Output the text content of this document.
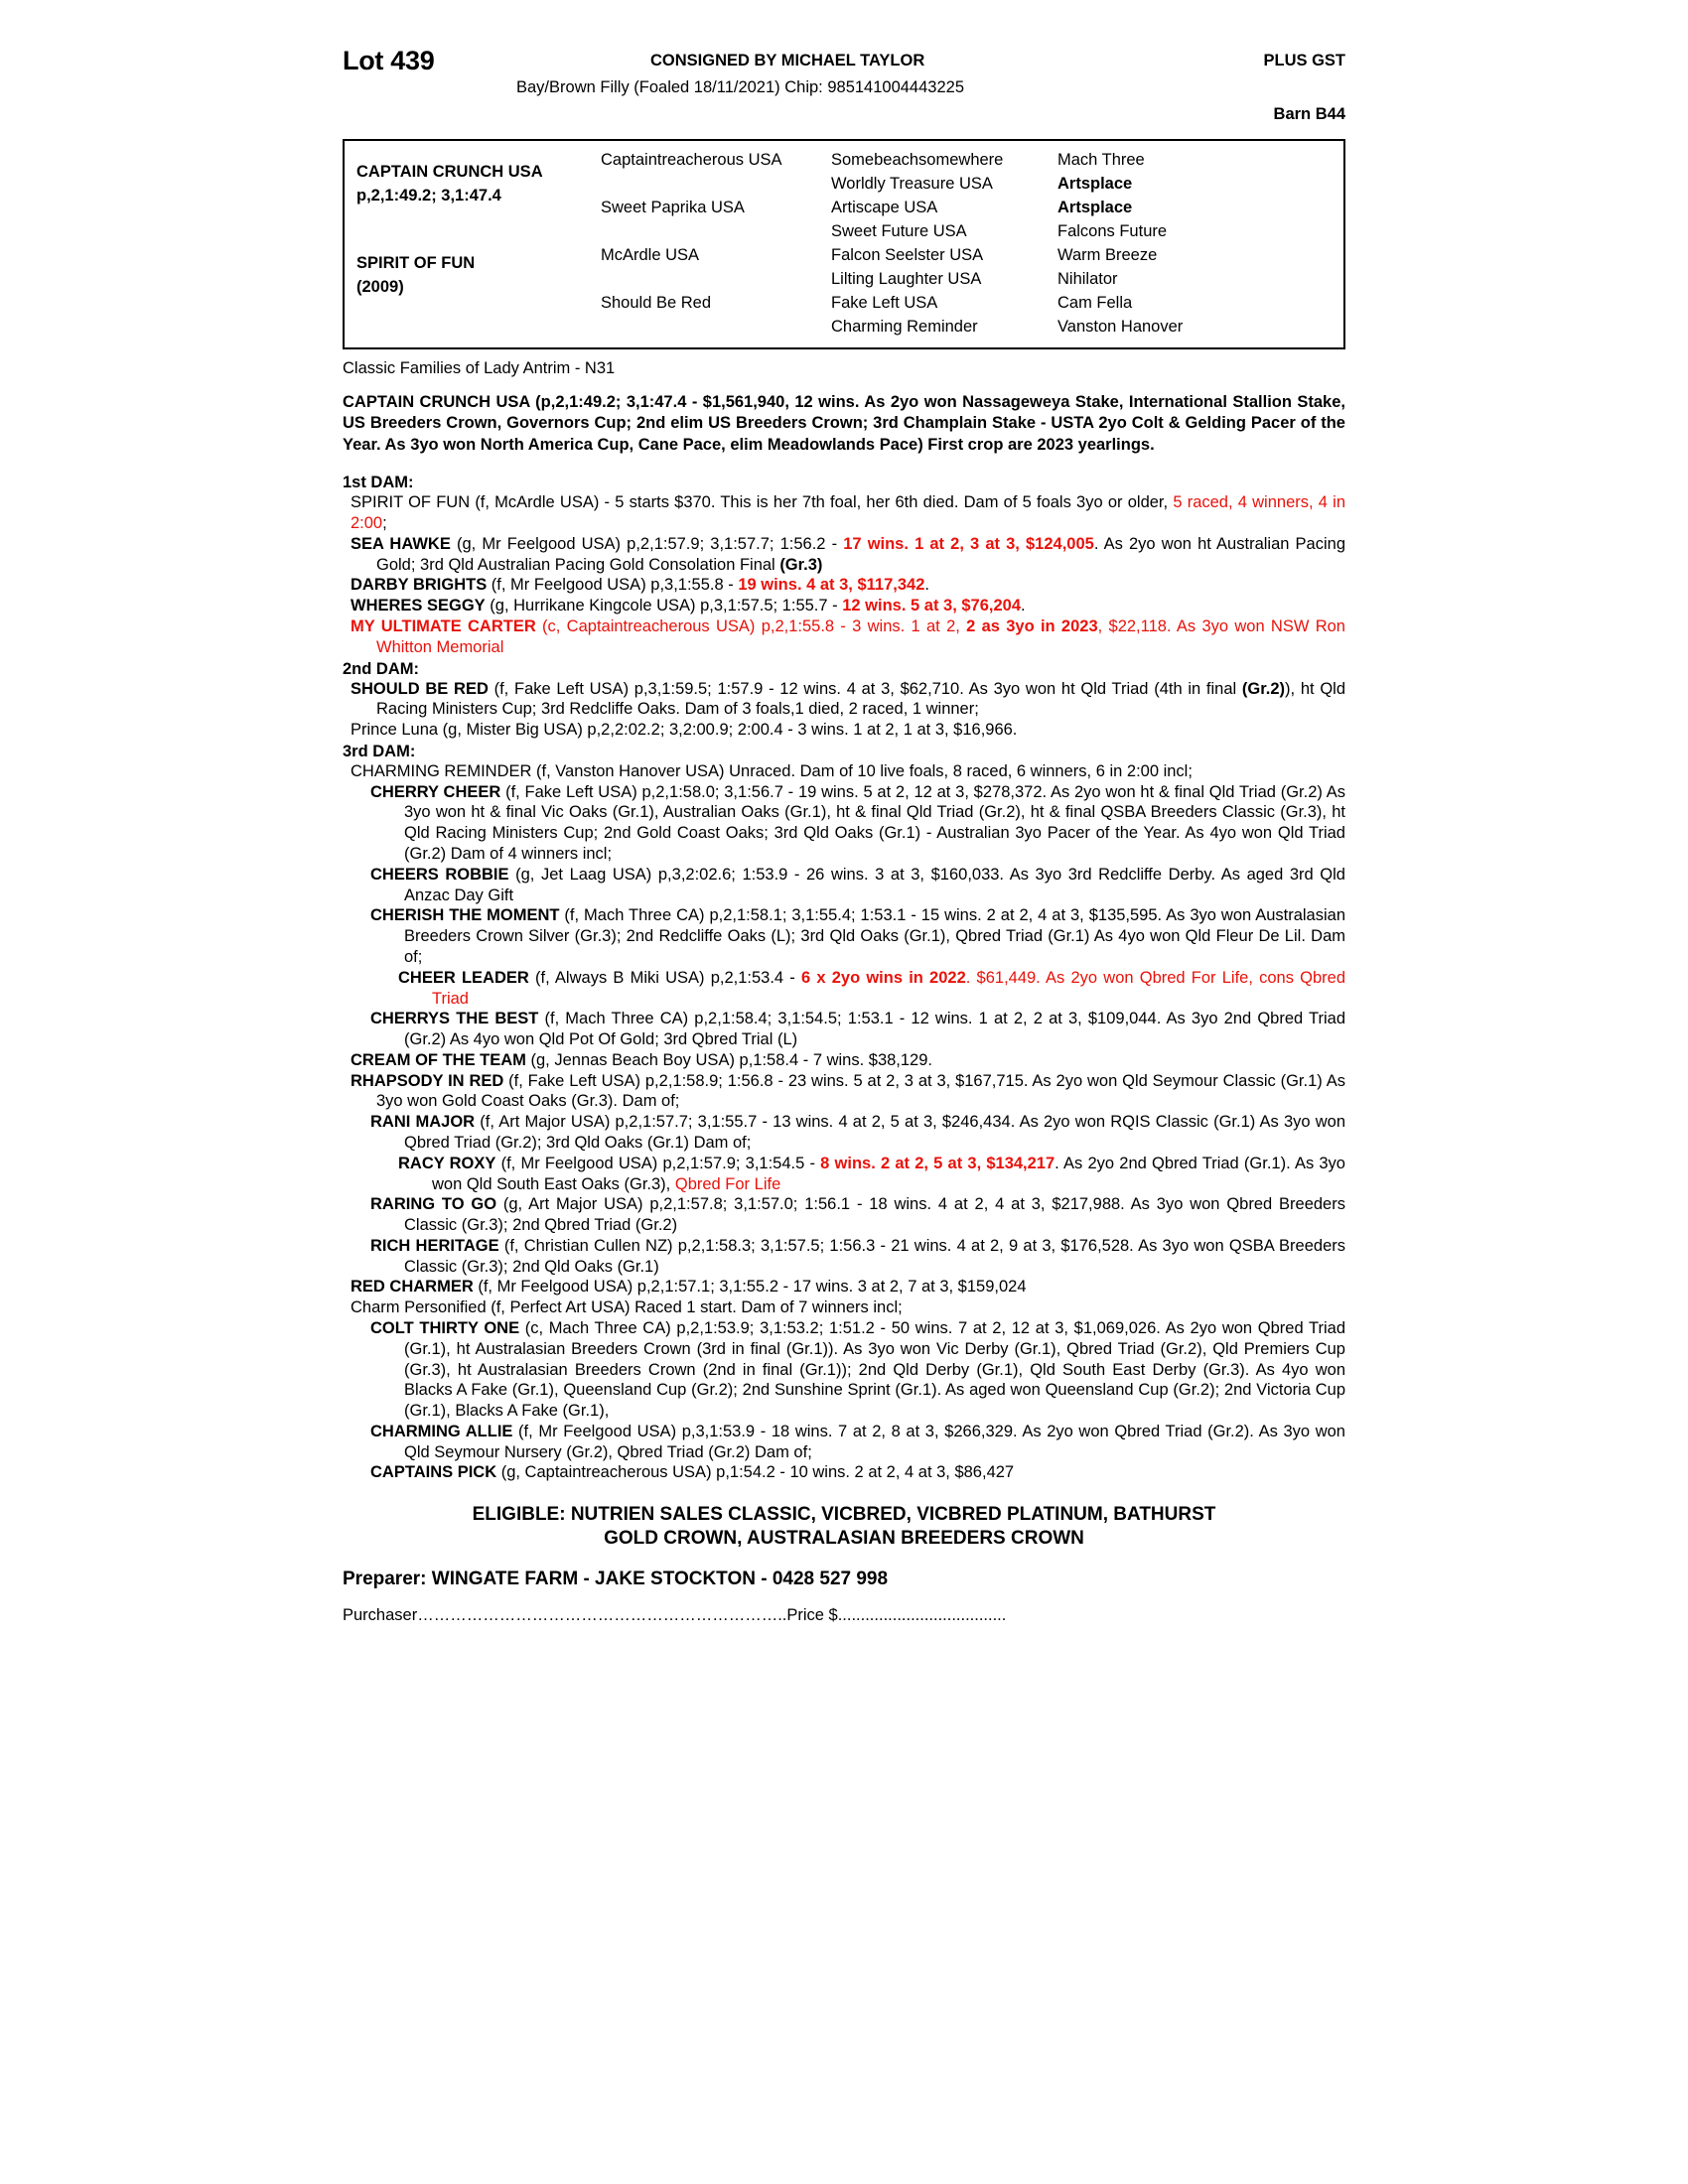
Lot 439	CONSIGNED BY MICHAEL TAYLOR	PLUS GST
Bay/Brown Filly (Foaled 18/11/2021) Chip: 985141004443225
Barn B44
CAPTAIN CRUNCH USA
p,2,1:49.2; 3,1:47.4
SPIRIT OF FUN
(2009)
Captaintreacherous USA
Sweet Paprika USA
McArdle USA
Should Be Red
Somebeachsomewhere
Worldly Treasure USA
Artiscape USA
Sweet Future USA
Falcon Seelster USA
Lilting Laughter USA
Fake Left USA
Charming Reminder
Mach Three
Artsplace
Artsplace
Falcons Future
Warm Breeze
Nihilator
Cam Fella
Vanston Hanover
Classic Families of Lady Antrim - N31
CAPTAIN CRUNCH USA (p,2,1:49.2; 3,1:47.4 - $1,561,940, 12 wins. As 2yo won Nassageweya Stake, International Stallion Stake, US Breeders Crown, Governors Cup; 2nd elim US Breeders Crown; 3rd Champlain Stake - USTA 2yo Colt & Gelding Pacer of the Year. As 3yo won North America Cup, Cane Pace, elim Meadowlands Pace) First crop are 2023 yearlings.
1st DAM:

SPIRIT OF FUN (f, McArdle USA) - 5 starts $370. This is her 7th foal, her 6th died. Dam of 5 foals 3yo or older, 5 raced, 4 winners, 4 in 2:00;

SEA HAWKE (g, Mr Feelgood USA) p,2,1:57.9; 3,1:57.7; 1:56.2 - 17 wins. 1 at 2, 3 at 3, $124,005. As 2yo won ht Australian Pacing Gold; 3rd Qld Australian Pacing Gold Consolation Final (Gr.3)

DARBY BRIGHTS (f, Mr Feelgood USA) p,3,1:55.8 - 19 wins. 4 at 3, $117,342.

WHERES SEGGY (g, Hurrikane Kingcole USA) p,3,1:57.5; 1:55.7 - 12 wins. 5 at 3, $76,204.

MY ULTIMATE CARTER (c, Captaintreacherous USA) p,2,1:55.8 - 3 wins. 1 at 2, 2 as 3yo in 2023, $22,118. As 3yo won NSW Ron Whitton Memorial

2nd DAM:

SHOULD BE RED (f, Fake Left USA) p,3,1:59.5; 1:57.9 - 12 wins. 4 at 3, $62,710. As 3yo won ht Qld Triad (4th in final (Gr.2)), ht Qld Racing Ministers Cup; 3rd Redcliffe Oaks. Dam of 3 foals,1 died, 2 raced, 1 winner;

Prince Luna (g, Mister Big USA) p,2,2:02.2; 3,2:00.9; 2:00.4 - 3 wins. 1 at 2, 1 at 3, $16,966.

3rd DAM:

CHARMING REMINDER (f, Vanston Hanover USA) Unraced. Dam of 10 live foals, 8 raced, 6 winners, 6 in 2:00 incl;

CHERRY CHEER (f, Fake Left USA) p,2,1:58.0; 3,1:56.7 - 19 wins. 5 at 2, 12 at 3, $278,372. As 2yo won ht & final Qld Triad (Gr.2) As 3yo won ht & final Vic Oaks (Gr.1), Australian Oaks (Gr.1), ht & final Qld Triad (Gr.2), ht & final QSBA Breeders Classic (Gr.3), ht Qld Racing Ministers Cup; 2nd Gold Coast Oaks; 3rd Qld Oaks (Gr.1) - Australian 3yo Pacer of the Year. As 4yo won Qld Triad (Gr.2) Dam of 4 winners incl;

CHEERS ROBBIE (g, Jet Laag USA) p,3,2:02.6; 1:53.9 - 26 wins. 3 at 3, $160,033. As 3yo 3rd Redcliffe Derby. As aged 3rd Qld Anzac Day Gift

CHERISH THE MOMENT (f, Mach Three CA) p,2,1:58.1; 3,1:55.4; 1:53.1 - 15 wins. 2 at 2, 4 at 3, $135,595. As 3yo won Australasian Breeders Crown Silver (Gr.3); 2nd Redcliffe Oaks (L); 3rd Qld Oaks (Gr.1), Qbred Triad (Gr.1) As 4yo won Qld Fleur De Lil. Dam of;

CHEER LEADER (f, Always B Miki USA) p,2,1:53.4 - 6 x 2yo wins in 2022. $61,449. As 2yo won Qbred For Life, cons Qbred Triad

CHERRYS THE BEST (f, Mach Three CA) p,2,1:58.4; 3,1:54.5; 1:53.1 - 12 wins. 1 at 2, 2 at 3, $109,044. As 3yo 2nd Qbred Triad (Gr.2) As 4yo won Qld Pot Of Gold; 3rd Qbred Trial (L)

CREAM OF THE TEAM (g, Jennas Beach Boy USA) p,1:58.4 - 7 wins. $38,129.

RHAPSODY IN RED (f, Fake Left USA) p,2,1:58.9; 1:56.8 - 23 wins. 5 at 2, 3 at 3, $167,715. As 2yo won Qld Seymour Classic (Gr.1) As 3yo won Gold Coast Oaks (Gr.3). Dam of;

RANI MAJOR (f, Art Major USA) p,2,1:57.7; 3,1:55.7 - 13 wins. 4 at 2, 5 at 3, $246,434. As 2yo won RQIS Classic (Gr.1) As 3yo won Qbred Triad (Gr.2); 3rd Qld Oaks (Gr.1) Dam of;

RACY ROXY (f, Mr Feelgood USA) p,2,1:57.9; 3,1:54.5 - 8 wins. 2 at 2, 5 at 3, $134,217. As 2yo 2nd Qbred Triad (Gr.1). As 3yo won Qld South East Oaks (Gr.3), Qbred For Life

RARING TO GO (g, Art Major USA) p,2,1:57.8; 3,1:57.0; 1:56.1 - 18 wins. 4 at 2, 4 at 3, $217,988. As 3yo won Qbred Breeders Classic (Gr.3); 2nd Qbred Triad (Gr.2)

RICH HERITAGE (f, Christian Cullen NZ) p,2,1:58.3; 3,1:57.5; 1:56.3 - 21 wins. 4 at 2, 9 at 3, $176,528. As 3yo won QSBA Breeders Classic (Gr.3); 2nd Qld Oaks (Gr.1)

RED CHARMER (f, Mr Feelgood USA) p,2,1:57.1; 3,1:55.2 - 17 wins. 3 at 2, 7 at 3, $159,024

Charm Personified (f, Perfect Art USA) Raced 1 start. Dam of 7 winners incl;

COLT THIRTY ONE (c, Mach Three CA) p,2,1:53.9; 3,1:53.2; 1:51.2 - 50 wins. 7 at 2, 12 at 3, $1,069,026. As 2yo won Qbred Triad (Gr.1), ht Australasian Breeders Crown (3rd in final (Gr.1)). As 3yo won Vic Derby (Gr.1), Qbred Triad (Gr.2), Qld Premiers Cup (Gr.3), ht Australasian Breeders Crown (2nd in final (Gr.1)); 2nd Qld Derby (Gr.1), Qld South East Derby (Gr.3). As 4yo won Blacks A Fake (Gr.1), Queensland Cup (Gr.2); 2nd Sunshine Sprint (Gr.1). As aged won Queensland Cup (Gr.2); 2nd Victoria Cup (Gr.1), Blacks A Fake (Gr.1),

CHARMING ALLIE (f, Mr Feelgood USA) p,3,1:53.9 - 18 wins. 7 at 2, 8 at 3, $266,329. As 2yo won Qbred Triad (Gr.2). As 3yo won Qld Seymour Nursery (Gr.2), Qbred Triad (Gr.2) Dam of;

CAPTAINS PICK (g, Captaintreacherous USA) p,1:54.2 - 10 wins. 2 at 2, 4 at 3, $86,427

ELIGIBLE: NUTRIEN SALES CLASSIC, VICBRED, VICBRED PLATINUM, BATHURST
GOLD CROWN, AUSTRALASIAN BREEDERS CROWN
Preparer: WINGATE FARM - JAKE STOCKTON - 0428 527 998
Purchaser…………………………………………………………..Price $.....................................
